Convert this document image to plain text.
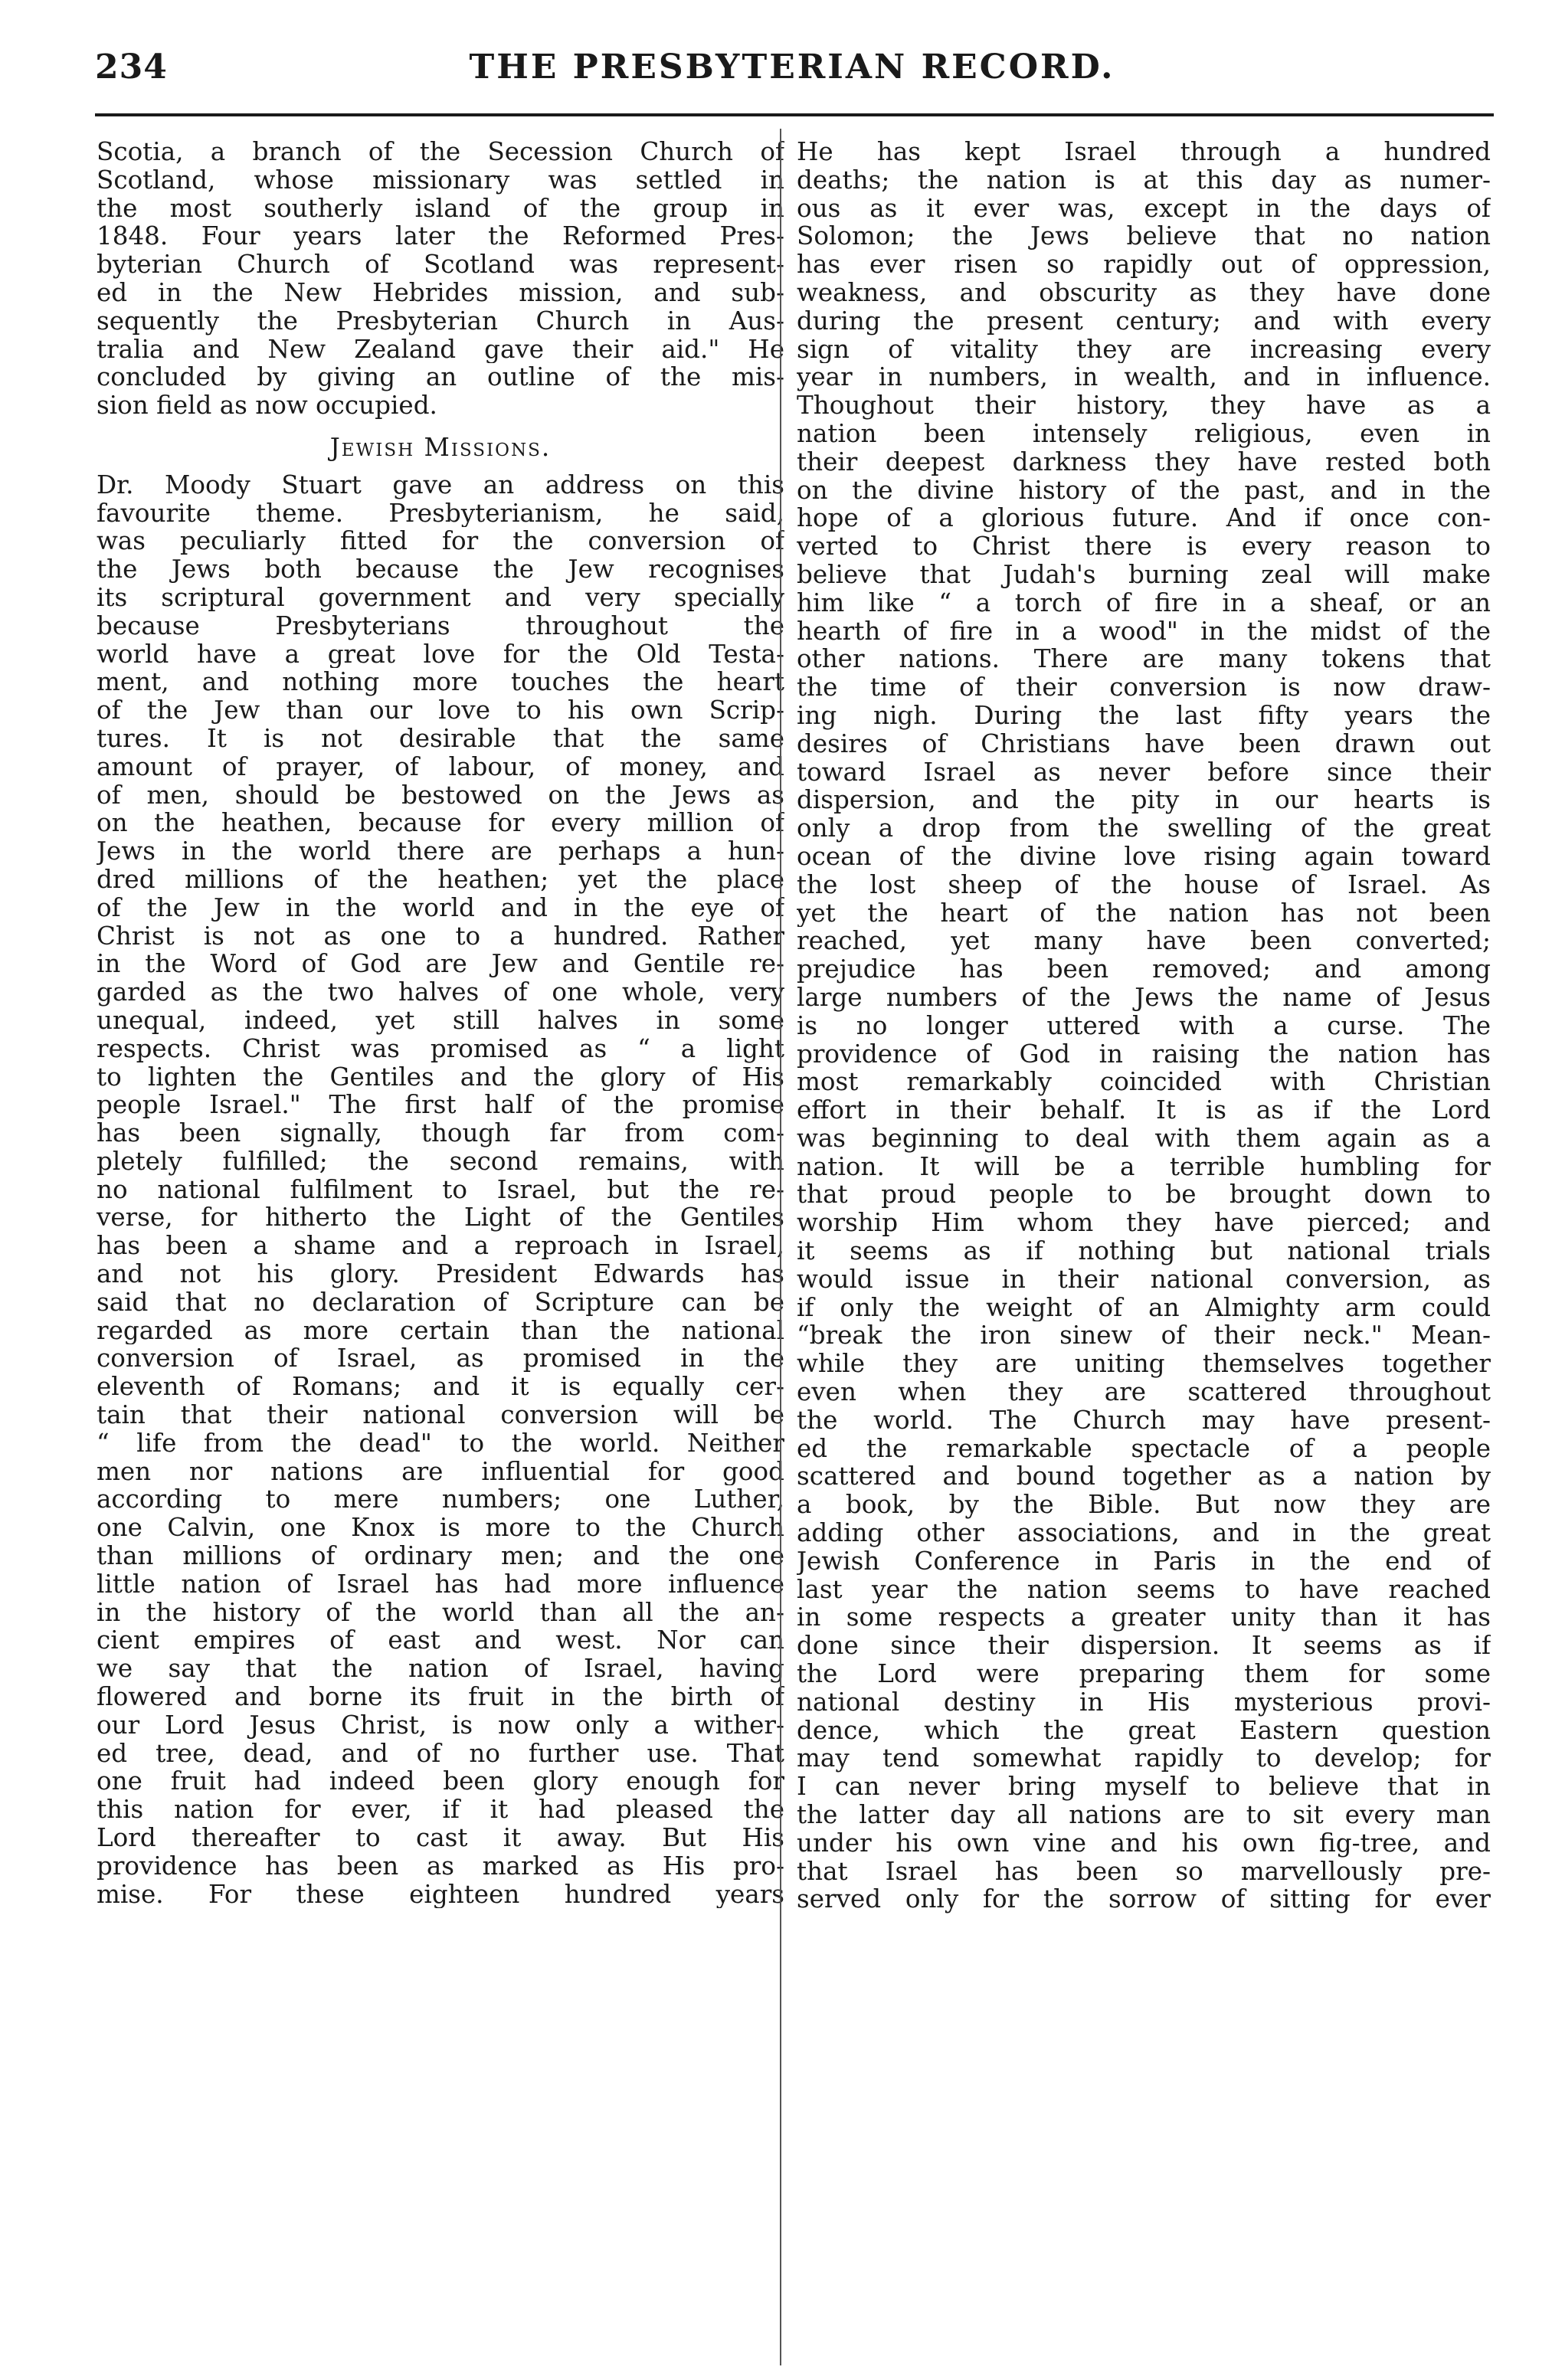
234	THE PRESBYTERIAN RECORD.

Scotia, a branch of the Secession Church of

Scotland, whose missionary was settled in

the most southerly island of the group in

1848. Four years later the Reformed Pres-

byterian Church of Scotland was represent-

ed in the New Hebrides mission, and sub-

sequently the Presbyterian Church in Aus-

tralia and New Zealand gave their aid." He

concluded by giving an outline of the mis-

sion field as now occupied.

Jewish Missions.

Dr. Moody Stuart gave an address on this

favourite theme. Presbyterianism, he said,

was peculiarly fitted for the conversion of

the Jews both because the Jew recognises

its scriptural government and very specially

because Presbyterians throughout the

world have a great love for the Old Testa-

ment, and nothing more touches the heart

of the Jew than our love to his own Scrip-

tures. It is not desirable that the same

amount of prayer, of labour, of money, and

of men, should be bestowed on the Jews as

on the heathen, because for every million of

Jews in the world there are perhaps a hun-

dred millions of the heathen; yet the place

of the Jew in the world and in the eye of

Christ is not as one to a hundred. Rather

in the Word of God are Jew and Gentile re-

garded as the two halves of one whole, very

unequal, indeed, yet still halves in some

respects. Christ was promised as “ a light

to lighten the Gentiles and the glory of His

people Israel." The first half of the promise

has been signally, though far from com-

pletely fulfilled; the second remains, with

no national fulfilment to Israel, but the re-

verse, for hitherto the Light of the Gentiles

has been a shame and a reproach in Israel,

and not his glory. President Edwards has

said that no declaration of Scripture can be

regarded as more certain than the national

conversion of Israel, as promised in the

eleventh of Romans; and it is equally cer-

tain that their national conversion will be

“ life from the dead" to the world. Neither

men nor nations are influential for good

according to mere numbers; one Luther,

one Calvin, one Knox is more to the Church

than millions of ordinary men; and the one

little nation of Israel has had more influence

in the history of the world than all the an-

cient empires of east and west. Nor can

we say that the nation of Israel, having

flowered and borne its fruit in the birth of

our Lord Jesus Christ, is now only a wither-

ed tree, dead, and of no further use. That

one fruit had indeed been glory enough for

this nation for ever, if it had pleased the

Lord thereafter to cast it away. But His

providence has been as marked as His pro-

mise. For these eighteen hundred years

He has kept Israel through a hundred

deaths; the nation is at this day as numer-

ous as it ever was, except in the days of

Solomon; the Jews believe that no nation

has ever risen so rapidly out of oppression,

weakness, and obscurity as they have done

during the present century; and with every

sign of vitality they are increasing every

year in numbers, in wealth, and in influence.

Thoughout their history, they have as a

nation been intensely religious, even in

their deepest darkness they have rested both

on the divine history of the past, and in the

hope of a glorious future. And if once con-

verted to Christ there is every reason to

believe that Judah's burning zeal will make

him like “ a torch of fire in a sheaf, or an

hearth of fire in a wood" in the midst of the

other nations. There are many tokens that

the time of their conversion is now draw-

ing nigh. During the last fifty years the

desires of Christians have been drawn out

toward Israel as never before since their

dispersion, and the pity in our hearts is

only a drop from the swelling of the great

ocean of the divine love rising again toward

the lost sheep of the house of Israel. As

yet the heart of the nation has not been

reached, yet many have been converted;

prejudice has been removed; and among

large numbers of the Jews the name of Jesus

is no longer uttered with a curse. The

providence of God in raising the nation has

most remarkably coincided with Christian

effort in their behalf. It is as if the Lord

was beginning to deal with them again as a

nation. It will be a terrible humbling for

that proud people to be brought down to

worship Him whom they have pierced; and

it seems as if nothing but national trials

would issue in their national conversion, as

if only the weight of an Almighty arm could

“break the iron sinew of their neck." Mean-

while they are uniting themselves together

even when they are scattered throughout

the world. The Church may have present-

ed the remarkable spectacle of a people

scattered and bound together as a nation by

a book, by the Bible. But now they are

adding other associations, and in the great

Jewish Conference in Paris in the end of

last year the nation seems to have reached

in some respects a greater unity than it has

done since their dispersion. It seems as if

the Lord were preparing them for some

national destiny in His mysterious provi-

dence, which the great Eastern question

may tend somewhat rapidly to develop; for

I can never bring myself to believe that in

the latter day all nations are to sit every man

under his own vine and his own fig-tree, and

that Israel has been so marvellously pre-

served only for the sorrow of sitting for ever
